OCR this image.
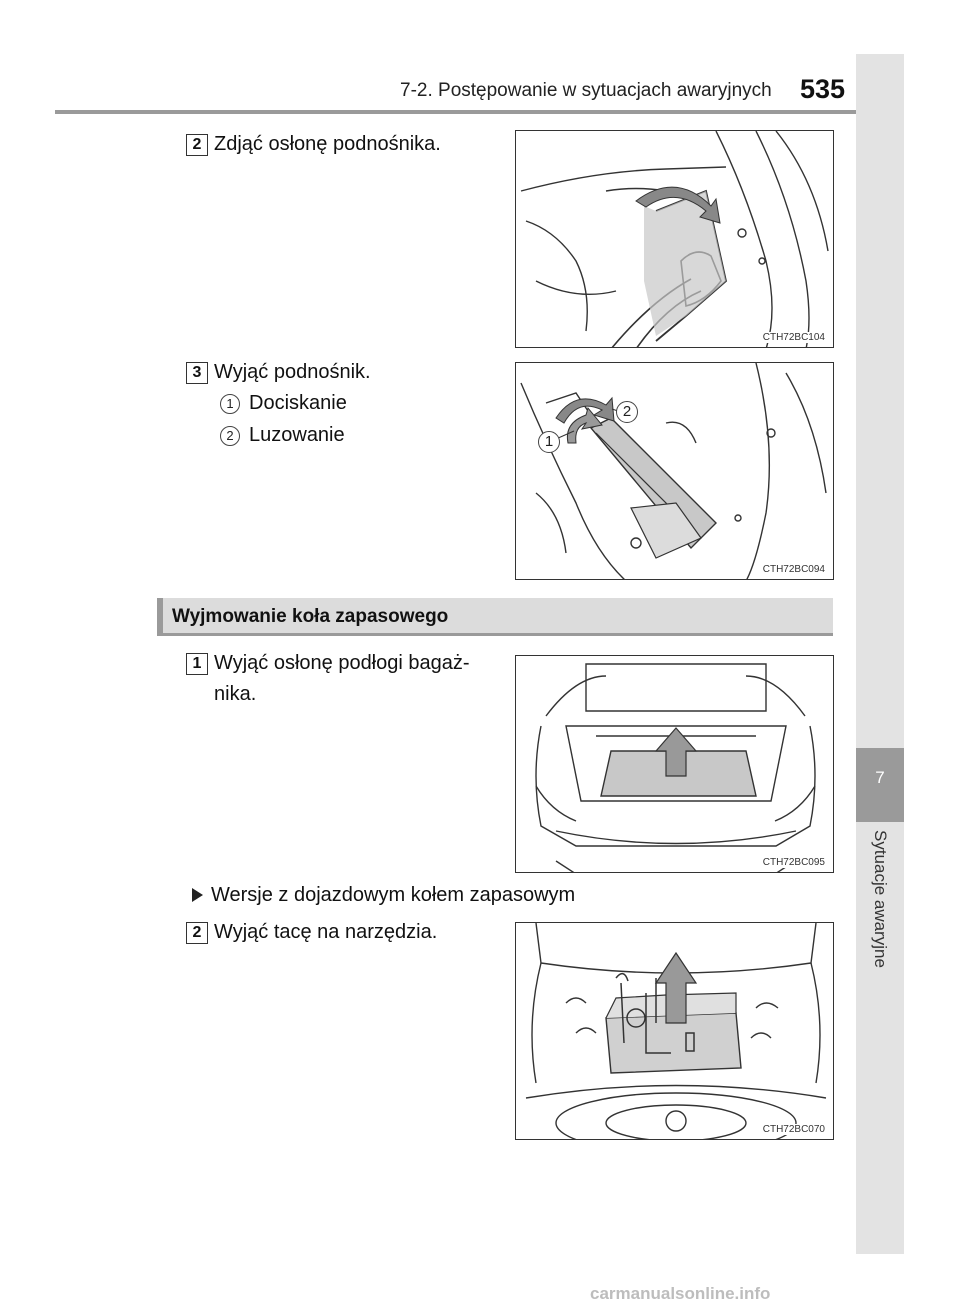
7-2. Postępowanie w sytuacjach awaryjnych 535
7
Sytuacje awaryjne
2 Zdjąć osłonę podnośnika.
3 Wyjąć podnośnik.
1 Dociskanie
2 Luzowanie
CTH72BC104
1
2
CTH72BC094
Wyjmowanie koła zapasowego
1 Wyjąć osłonę podłogi bagaż-
nika.
CTH72BC095
Wersje z dojazdowym kołem zapasowym
2 Wyjąć tacę na narzędzia.
CTH72BC070
carmanualsonline.info
